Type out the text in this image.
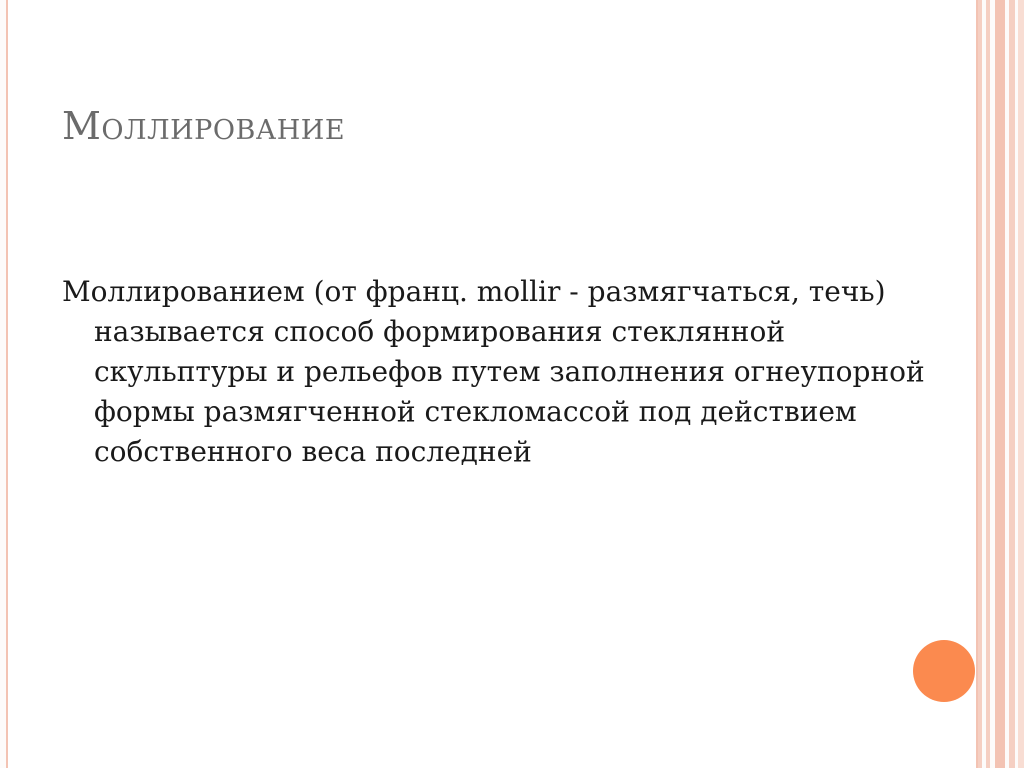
Моллирование

Моллированием (от франц. mollir - размягчаться, течь) называется способ формирования стеклянной скульптуры и рельефов путем заполнения огнеупорной формы размягченной стекломассой под действием собственного веса последней
